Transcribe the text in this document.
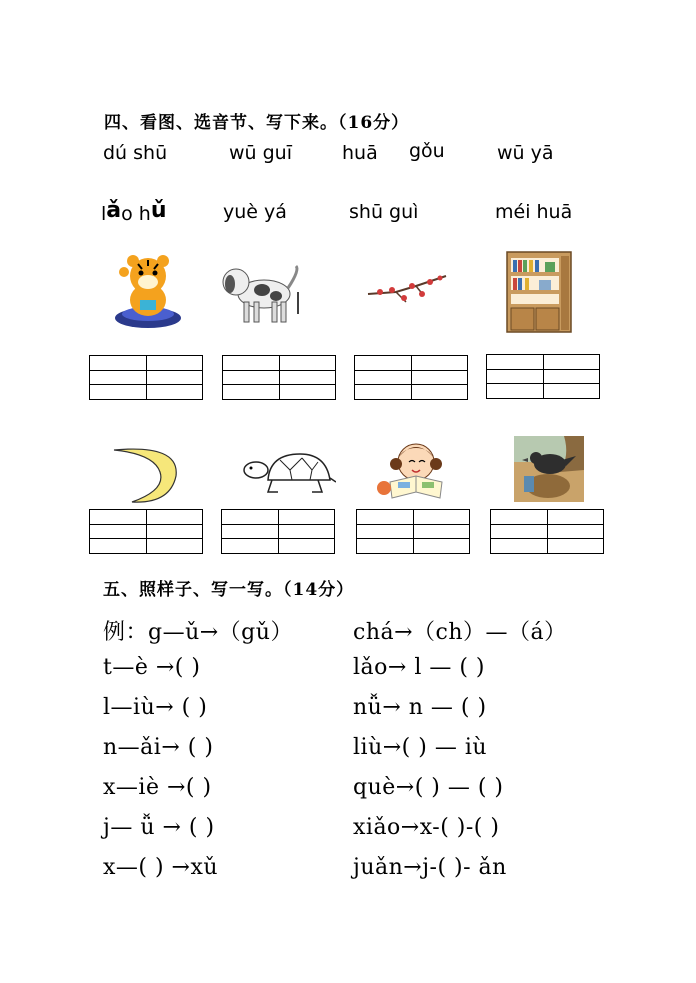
四、看图、选音节、写下来。（16分）
dú shū	wū guī	huā gǒu	wū yā
lǎo hǔ	yuè yá	shū guì	méi huā

五、照样子、写一写。（14分）
例：g—ǔ→（gǔ）
t—è →( )
l—iù→ ( )
n—ǎi→ ( )
x—iè →( )
j— ǚ → ( )
x—( ) →xǔ
chá→（ch）—（á）
lǎo→ l — ( )
nǚ→ n — ( )
liù→( ) — iù
què→( ) — ( )
xiǎo→x-( )-( )
juǎn→j-( )- ǎn
